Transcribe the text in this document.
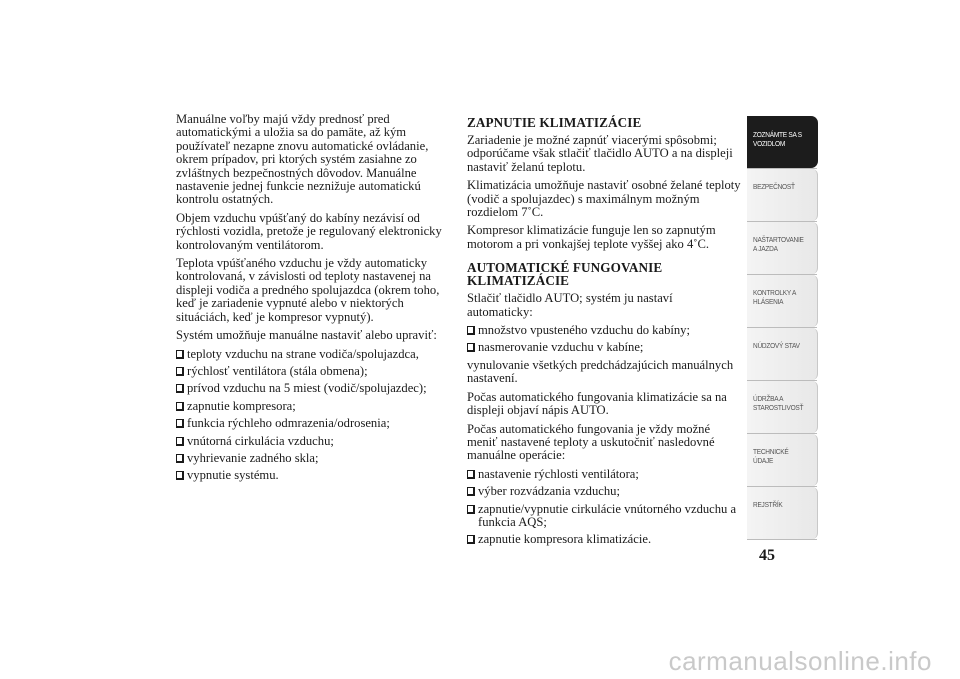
Manuálne voľby majú vždy prednosť pred automatickými a uložia sa do pamäte, až kým používateľ nezapne znovu automatické ovládanie, okrem prípadov, pri ktorých systém zasiahne zo zvláštnych bezpečnostných dôvodov. Manuálne nastavenie jednej funkcie neznižuje automatickú kontrolu ostatných.

Objem vzduchu vpúšťaný do kabíny nezávisí od rýchlosti vozidla, pretože je regulovaný elektronicky kontrolovaným ventilátorom.

Teplota vpúšťaného vzduchu je vždy automaticky kontrolovaná, v závislosti od teploty nastavenej na displeji vodiča a predného spolujazdca (okrem toho, keď je zariadenie vypnuté alebo v niektorých situáciách, keď je kompresor vypnutý).

Systém umožňuje manuálne nastaviť alebo upraviť:

teploty vzduchu na strane vodiča/spolujazdca,
rýchlosť ventilátora (stála obmena);
prívod vzduchu na 5 miest (vodič/spolujazdec);
zapnutie kompresora;
funkcia rýchleho odmrazenia/odrosenia;
vnútorná cirkulácia vzduchu;
vyhrievanie zadného skla;
vypnutie systému.
ZAPNUTIE KLIMATIZÁCIE

Zariadenie je možné zapnúť viacerými spôsobmi; odporúčame však stlačiť tlačidlo AUTO a na displeji nastaviť želanú teplotu.

Klimatizácia umožňuje nastaviť osobné želané teploty (vodič a spolujazdec) s maximálnym možným rozdielom 7˚C.

Kompresor klimatizácie funguje len so zapnutým motorom a pri vonkajšej teplote vyššej ako 4˚C.

AUTOMATICKÉ FUNGOVANIE KLIMATIZÁCIE

Stlačiť tlačidlo AUTO; systém ju nastaví automaticky:

množstvo vpusteného vzduchu do kabíny;
nasmerovanie vzduchu v kabíne;

vynulovanie všetkých predchádzajúcich manuálnych nastavení.

Počas automatického fungovania klimatizácie sa na displeji objaví nápis AUTO.

Počas automatického fungovania je vždy možné meniť nastavené teploty a uskutočniť nasledovné manuálne operácie:

nastavenie rýchlosti ventilátora;
výber rozvádzania vzduchu;
zapnutie/vypnutie cirkulácie vnútorného vzduchu a funkcia AQS;
zapnutie kompresora klimatizácie.
ZOZNÁMTE SA S
VOZIDLOM
BEZPEČNOSŤ
NAŠTARTOVANIE
A JAZDA
KONTROLKY A
HLÁSENIA
NÚDZOVÝ STAV
ÚDRŽBA A
STAROSTLIVOSŤ
TECHNICKÉ
ÚDAJE
REJSTŘÍK
45
carmanualsonline.info
